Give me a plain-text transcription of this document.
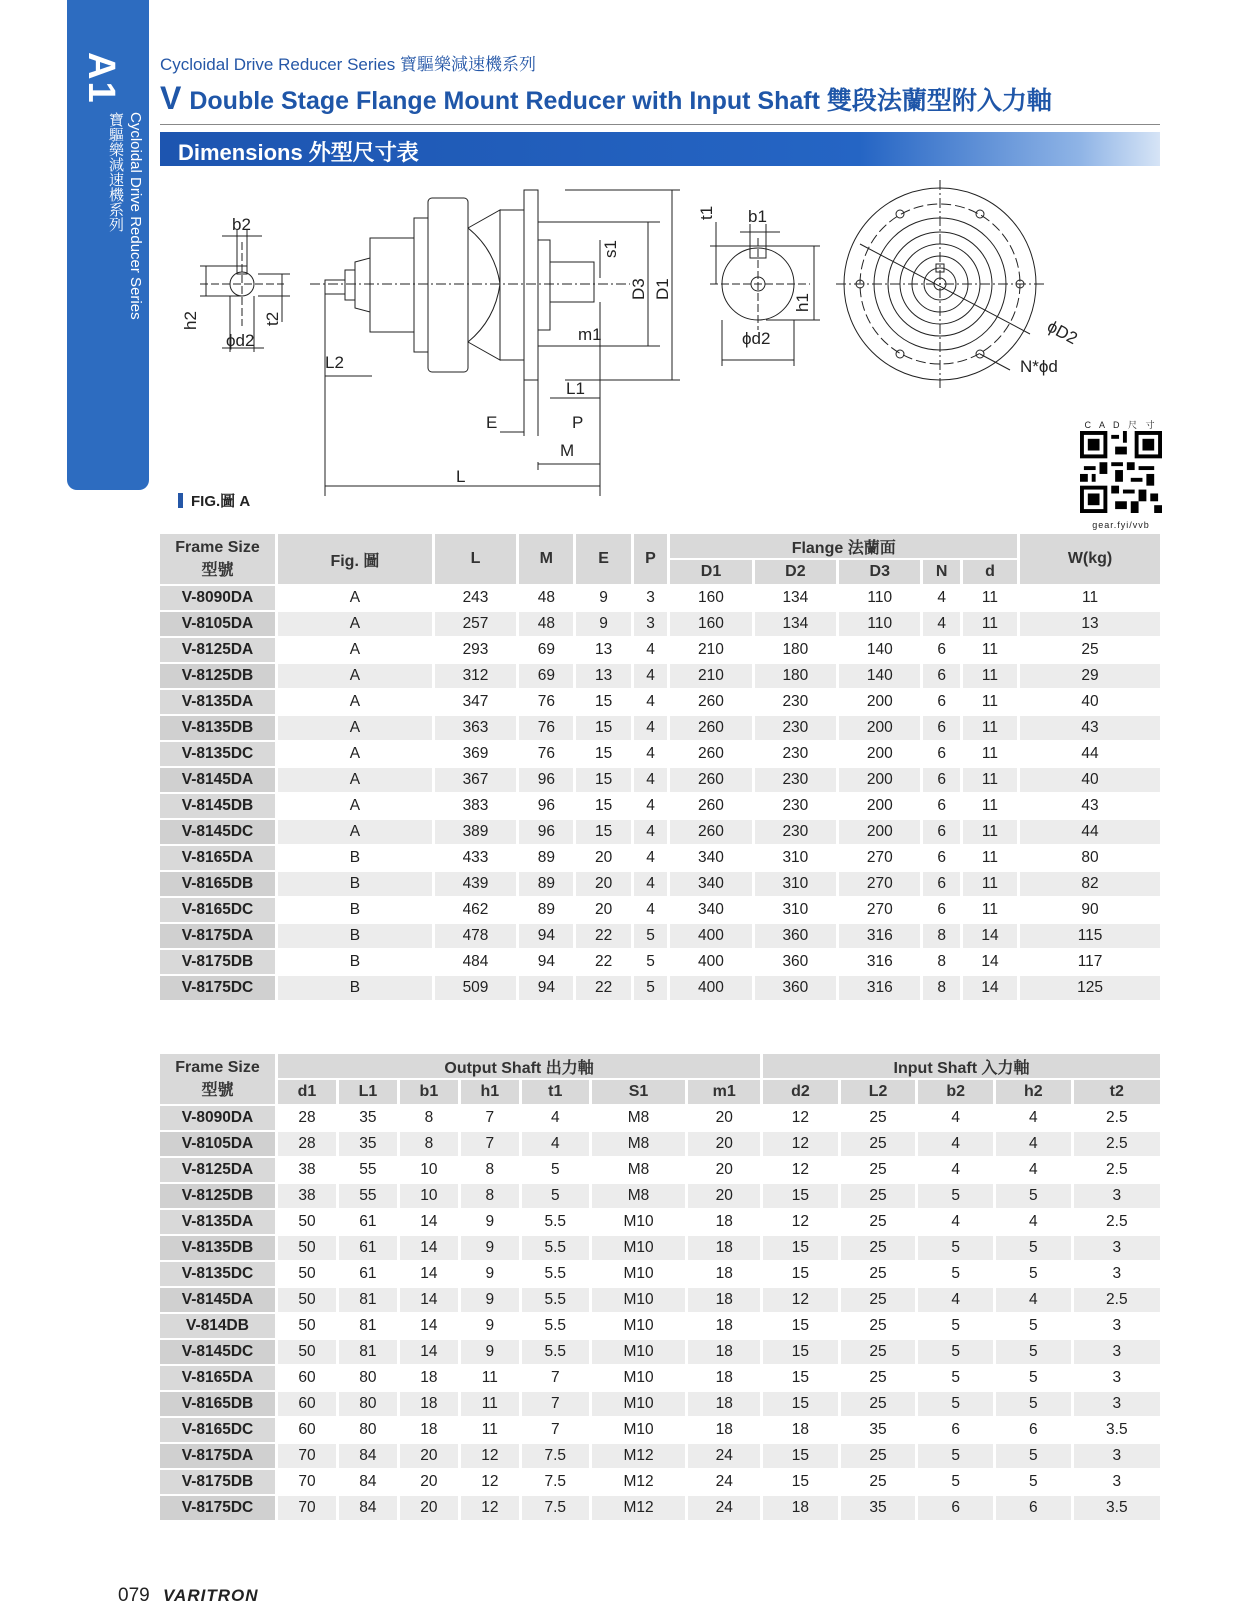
A1
Cycloidal Drive Reducer Series
寶驅樂減速機系列
Cycloidal Drive Reducer Series 寶驅樂減速機系列
V Double Stage Flange Mount Reducer with Input Shaft 雙段法蘭型附入力軸
Dimensions 外型尺寸表
b2
h2	t2
ϕd2
L2
E
L
L1
P
M
m1
s1
D3 D1
t1 b1
h1
ϕd2	ϕD2
N*ϕd
FIG.圖 A
C A D 尺 寸
gear.fyi/vvb
Frame Size
型號	Fig. 圖	L	M	E	P	Flange 法蘭面					W(kg)
						D1	D2	D3	N	d	
V-8090DA	A	243	48	9	3	160	134	110	4	11	11
V-8105DA	A	257	48	9	3	160	134	110	4	11	13
V-8125DA	A	293	69	13	4	210	180	140	6	11	25
V-8125DB	A	312	69	13	4	210	180	140	6	11	29
V-8135DA	A	347	76	15	4	260	230	200	6	11	40
V-8135DB	A	363	76	15	4	260	230	200	6	11	43
V-8135DC	A	369	76	15	4	260	230	200	6	11	44
V-8145DA	A	367	96	15	4	260	230	200	6	11	40
V-8145DB	A	383	96	15	4	260	230	200	6	11	43
V-8145DC	A	389	96	15	4	260	230	200	6	11	44
V-8165DA	B	433	89	20	4	340	310	270	6	11	80
V-8165DB	B	439	89	20	4	340	310	270	6	11	82
V-8165DC	B	462	89	20	4	340	310	270	6	11	90
V-8175DA	B	478	94	22	5	400	360	316	8	14	115
V-8175DB	B	484	94	22	5	400	360	316	8	14	117
V-8175DC	B	509	94	22	5	400	360	316	8	14	125
Frame Size
型號	Output Shaft 出力軸							Input Shaft 入力軸				
	d1	L1	b1	h1	t1	S1	m1	d2	L2	b2	h2	t2
V-8090DA	28	35	8	7	4	M8	20	12	25	4	4	2.5
V-8105DA	28	35	8	7	4	M8	20	12	25	4	4	2.5
V-8125DA	38	55	10	8	5	M8	20	12	25	4	4	2.5
V-8125DB	38	55	10	8	5	M8	20	15	25	5	5	3
V-8135DA	50	61	14	9	5.5	M10	18	12	25	4	4	2.5
V-8135DB	50	61	14	9	5.5	M10	18	15	25	5	5	3
V-8135DC	50	61	14	9	5.5	M10	18	15	25	5	5	3
V-8145DA	50	81	14	9	5.5	M10	18	12	25	4	4	2.5
V-814DB	50	81	14	9	5.5	M10	18	15	25	5	5	3
V-8145DC	50	81	14	9	5.5	M10	18	15	25	5	5	3
V-8165DA	60	80	18	11	7	M10	18	15	25	5	5	3
V-8165DB	60	80	18	11	7	M10	18	15	25	5	5	3
V-8165DC	60	80	18	11	7	M10	18	18	35	6	6	3.5
V-8175DA	70	84	20	12	7.5	M12	24	15	25	5	5	3
V-8175DB	70	84	20	12	7.5	M12	24	15	25	5	5	3
V-8175DC	70	84	20	12	7.5	M12	24	18	35	6	6	3.5
079 VARITRON
